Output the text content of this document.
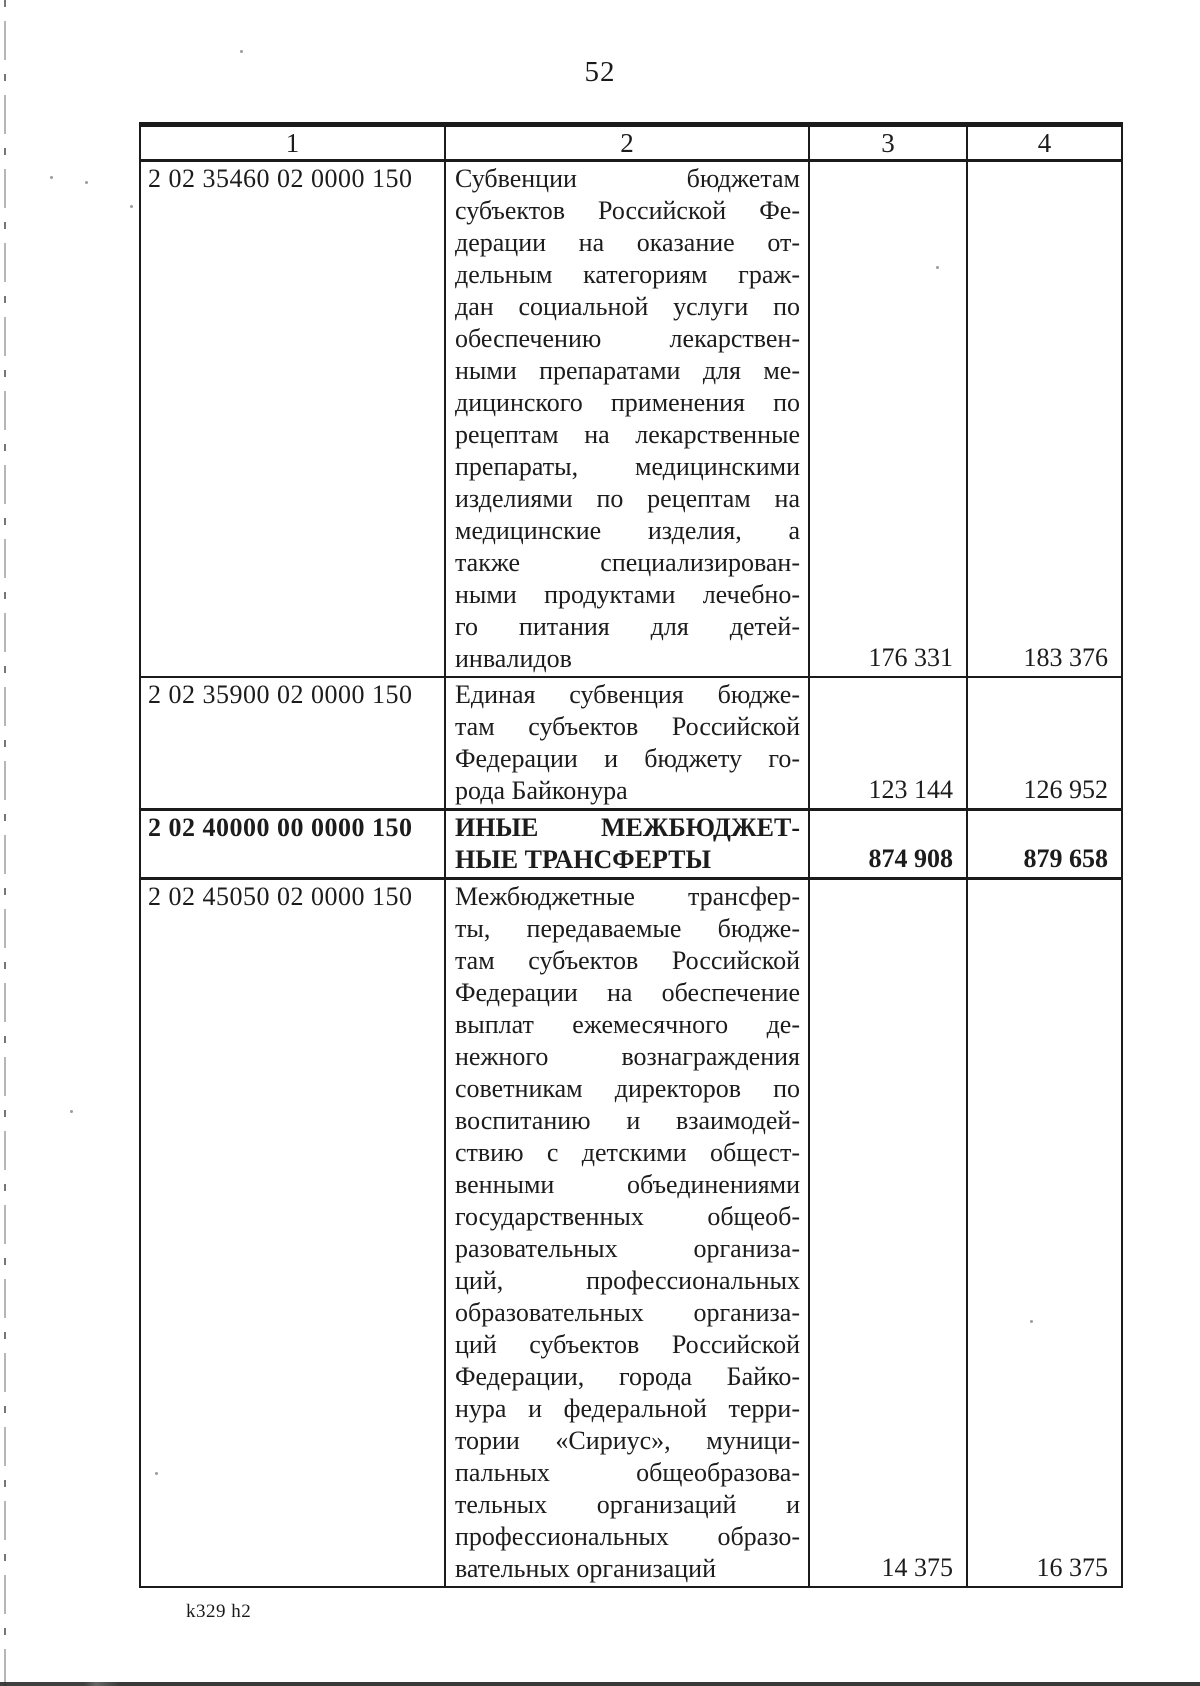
52
1	2	3	4
2 02 35460 02 0000 150	Субвенции бюджетам
субъектов Российской Фе-
дерации на оказание от-
дельным категориям граж-
дан социальной услуги по
обеспечению лекарствен-
ными препаратами для ме-
дицинского применения по
рецептам на лекарственные
препараты, медицинскими
изделиями по рецептам на
медицинские изделия, а
также специализирован-
ными продуктами лечебно-
го питания для детей-
инвалидов	176 331	183 376
2 02 35900 02 0000 150	Единая субвенция бюдже-
там субъектов Российской
Федерации и бюджету го-
рода Байконура	123 144	126 952
2 02 40000 00 0000 150	ИНЫЕ МЕЖБЮДЖЕТ-
НЫЕ ТРАНСФЕРТЫ	874 908	879 658
2 02 45050 02 0000 150	Межбюджетные трансфер-
ты, передаваемые бюдже-
там субъектов Российской
Федерации на обеспечение
выплат ежемесячного де-
нежного вознаграждения
советникам директоров по
воспитанию и взаимодей-
ствию с детскими общест-
венными объединениями
государственных общеоб-
разовательных организа-
ций, профессиональных
образовательных организа-
ций субъектов Российской
Федерации, города Байко-
нура и федеральной терри-
тории «Сириус», муници-
пальных общеобразова-
тельных организаций и
профессиональных образо-
вательных организаций	14 375	16 375
k329 h2
